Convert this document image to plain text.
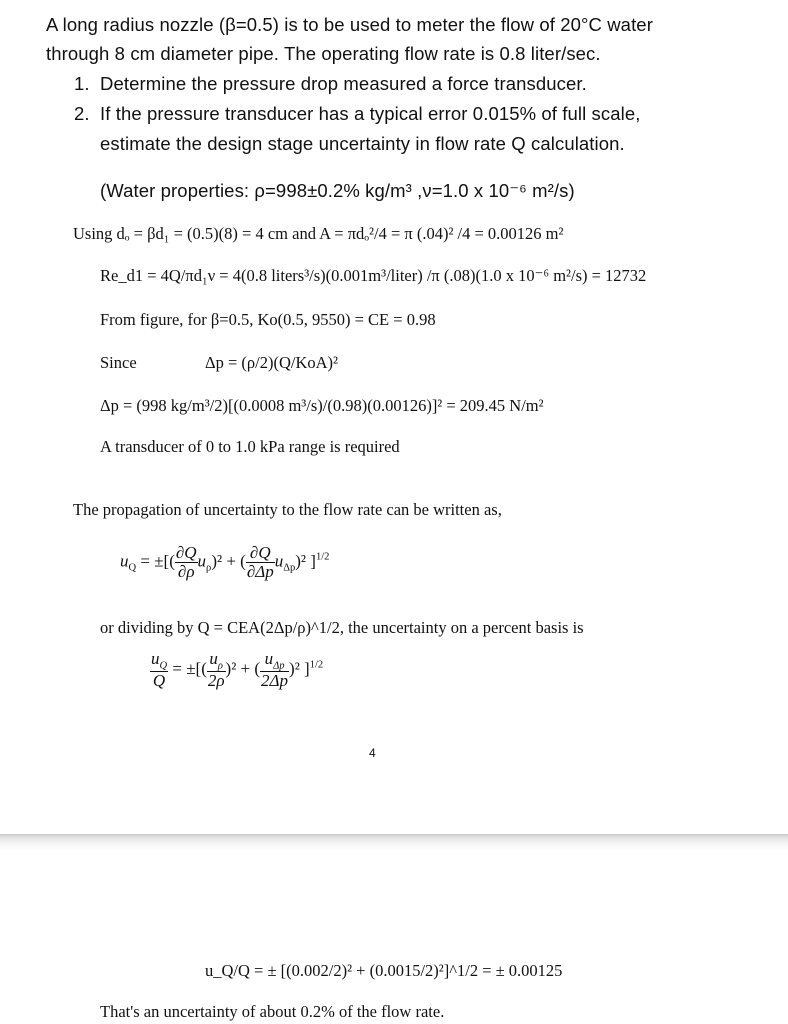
A long radius nozzle (β=0.5) is to be used to meter the flow of 20°C water
through 8 cm diameter pipe. The operating flow rate is 0.8 liter/sec.
1. Determine the pressure drop measured a force transducer.
2. If the pressure transducer has a typical error 0.015% of full scale,
estimate the design stage uncertainty in flow rate Q calculation.
(Water properties: ρ=998±0.2% kg/m³ ,ν=1.0 x 10⁻⁶ m²/s)
Using dₒ = βd₁ = (0.5)(8) = 4 cm and A = πdₒ²/4 = π (.04)² /4 = 0.00126 m²
Re_d1 = 4Q/πd₁ν = 4(0.8 liters³/s)(0.001m³/liter) /π (.08)(1.0 x 10⁻⁶ m²/s) = 12732
From figure, for β=0.5, Ko(0.5, 9550) = CE = 0.98
Since	Δp = (ρ/2)(Q/KoA)²
Δp = (998 kg/m³/2)[(0.0008 m³/s)/(0.98)(0.00126)]² = 209.45 N/m²
A transducer of 0 to 1.0 kPa range is required
The propagation of uncertainty to the flow rate can be written as,
$u_Q$ = ±[( $\frac{\partial Q}{\partial\rho} u_\rho)^2$ + ( $\frac{\partial Q}{\partial\Delta p} u_{\Delta p})^2$ ]$^{1/2}$
or dividing by Q = CEA(2Δp/ρ)^1/2, the uncertainty on a percent basis is
$\frac{u_Q}{Q}$ = ±[( $\frac{u_\rho}{2\rho} )^2$ + ( $\frac{u_{\Delta p}}{2\Delta p} )^2$ ]$^{1/2}$
4
u_Q/Q = ± [(0.002/2)² + (0.0015/2)²]^1/2 = ± 0.00125
That's an uncertainty of about 0.2% of the flow rate.
